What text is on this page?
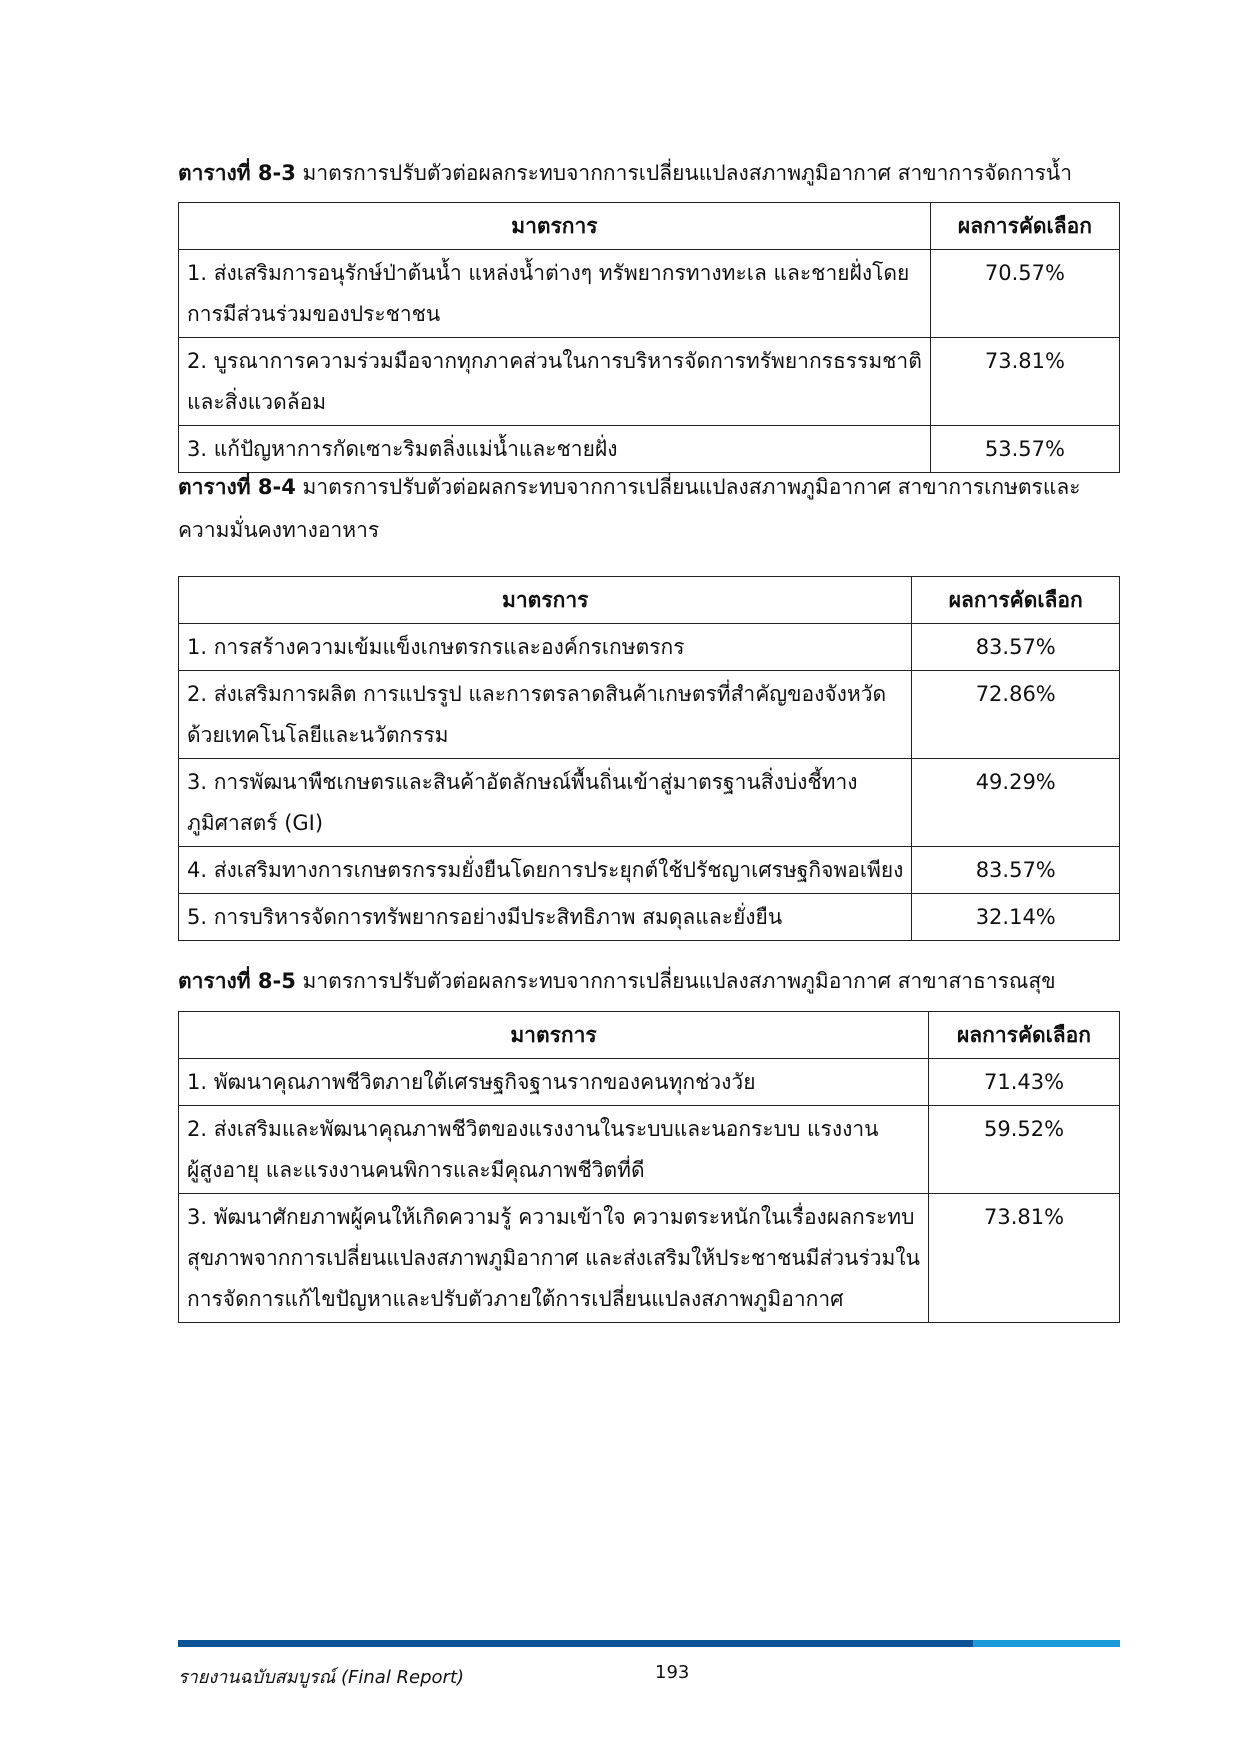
ตารางที่ 8-3 มาตรการปรับตัวต่อผลกระทบจากการเปลี่ยนแปลงสภาพภูมิอากาศ สาขาการจัดการน้ำ
มาตรการ	ผลการคัดเลือก

1. ส่งเสริมการอนุรักษ์ป่าต้นน้ำ แหล่งน้ำต่างๆ ทรัพยากรทางทะเล และชายฝั่งโดย
การมีส่วนร่วมของประชาชน	70.57%

2. บูรณาการความร่วมมือจากทุกภาคส่วนในการบริหารจัดการทรัพยากรธรรมชาติ
และสิ่งแวดล้อม	73.81%

3. แก้ปัญหาการกัดเซาะริมตลิ่งแม่น้ำและชายฝั่ง	53.57%
ตารางที่ 8-4 มาตรการปรับตัวต่อผลกระทบจากการเปลี่ยนแปลงสภาพภูมิอากาศ สาขาการเกษตรและความมั่นคงทางอาหาร
มาตรการ	ผลการคัดเลือก

1. การสร้างความเข้มแข็งเกษตรกรและองค์กรเกษตรกร	83.57%

2. ส่งเสริมการผลิต การแปรรูป และการตรลาดสินค้าเกษตรที่สำคัญของจังหวัด
ด้วยเทคโนโลยีและนวัตกรรม	72.86%

3. การพัฒนาพืชเกษตรและสินค้าอัตลักษณ์พื้นถิ่นเข้าสู่มาตรฐานสิ่งบ่งชี้ทาง
ภูมิศาสตร์ (GI)	49.29%

4. ส่งเสริมทางการเกษตรกรรมยั่งยืนโดยการประยุกต์ใช้ปรัชญาเศรษฐกิจพอเพียง	83.57%

5. การบริหารจัดการทรัพยากรอย่างมีประสิทธิภาพ สมดุลและยั่งยืน	32.14%
ตารางที่ 8-5 มาตรการปรับตัวต่อผลกระทบจากการเปลี่ยนแปลงสภาพภูมิอากาศ สาขาสาธารณสุข
มาตรการ	ผลการคัดเลือก

1. พัฒนาคุณภาพชีวิตภายใต้เศรษฐกิจฐานรากของคนทุกช่วงวัย	71.43%

2. ส่งเสริมและพัฒนาคุณภาพชีวิตของแรงงานในระบบและนอกระบบ แรงงาน
ผู้สูงอายุ และแรงงานคนพิการและมีคุณภาพชีวิตที่ดี	59.52%

3. พัฒนาศักยภาพผู้คนให้เกิดความรู้ ความเข้าใจ ความตระหนักในเรื่องผลกระทบ
สุขภาพจากการเปลี่ยนแปลงสภาพภูมิอากาศ และส่งเสริมให้ประชาชนมีส่วนร่วมใน
การจัดการแก้ไขปัญหาและปรับตัวภายใต้การเปลี่ยนแปลงสภาพภูมิอากาศ	73.81%
รายงานฉบับสมบูรณ์ (Final Report)	193
